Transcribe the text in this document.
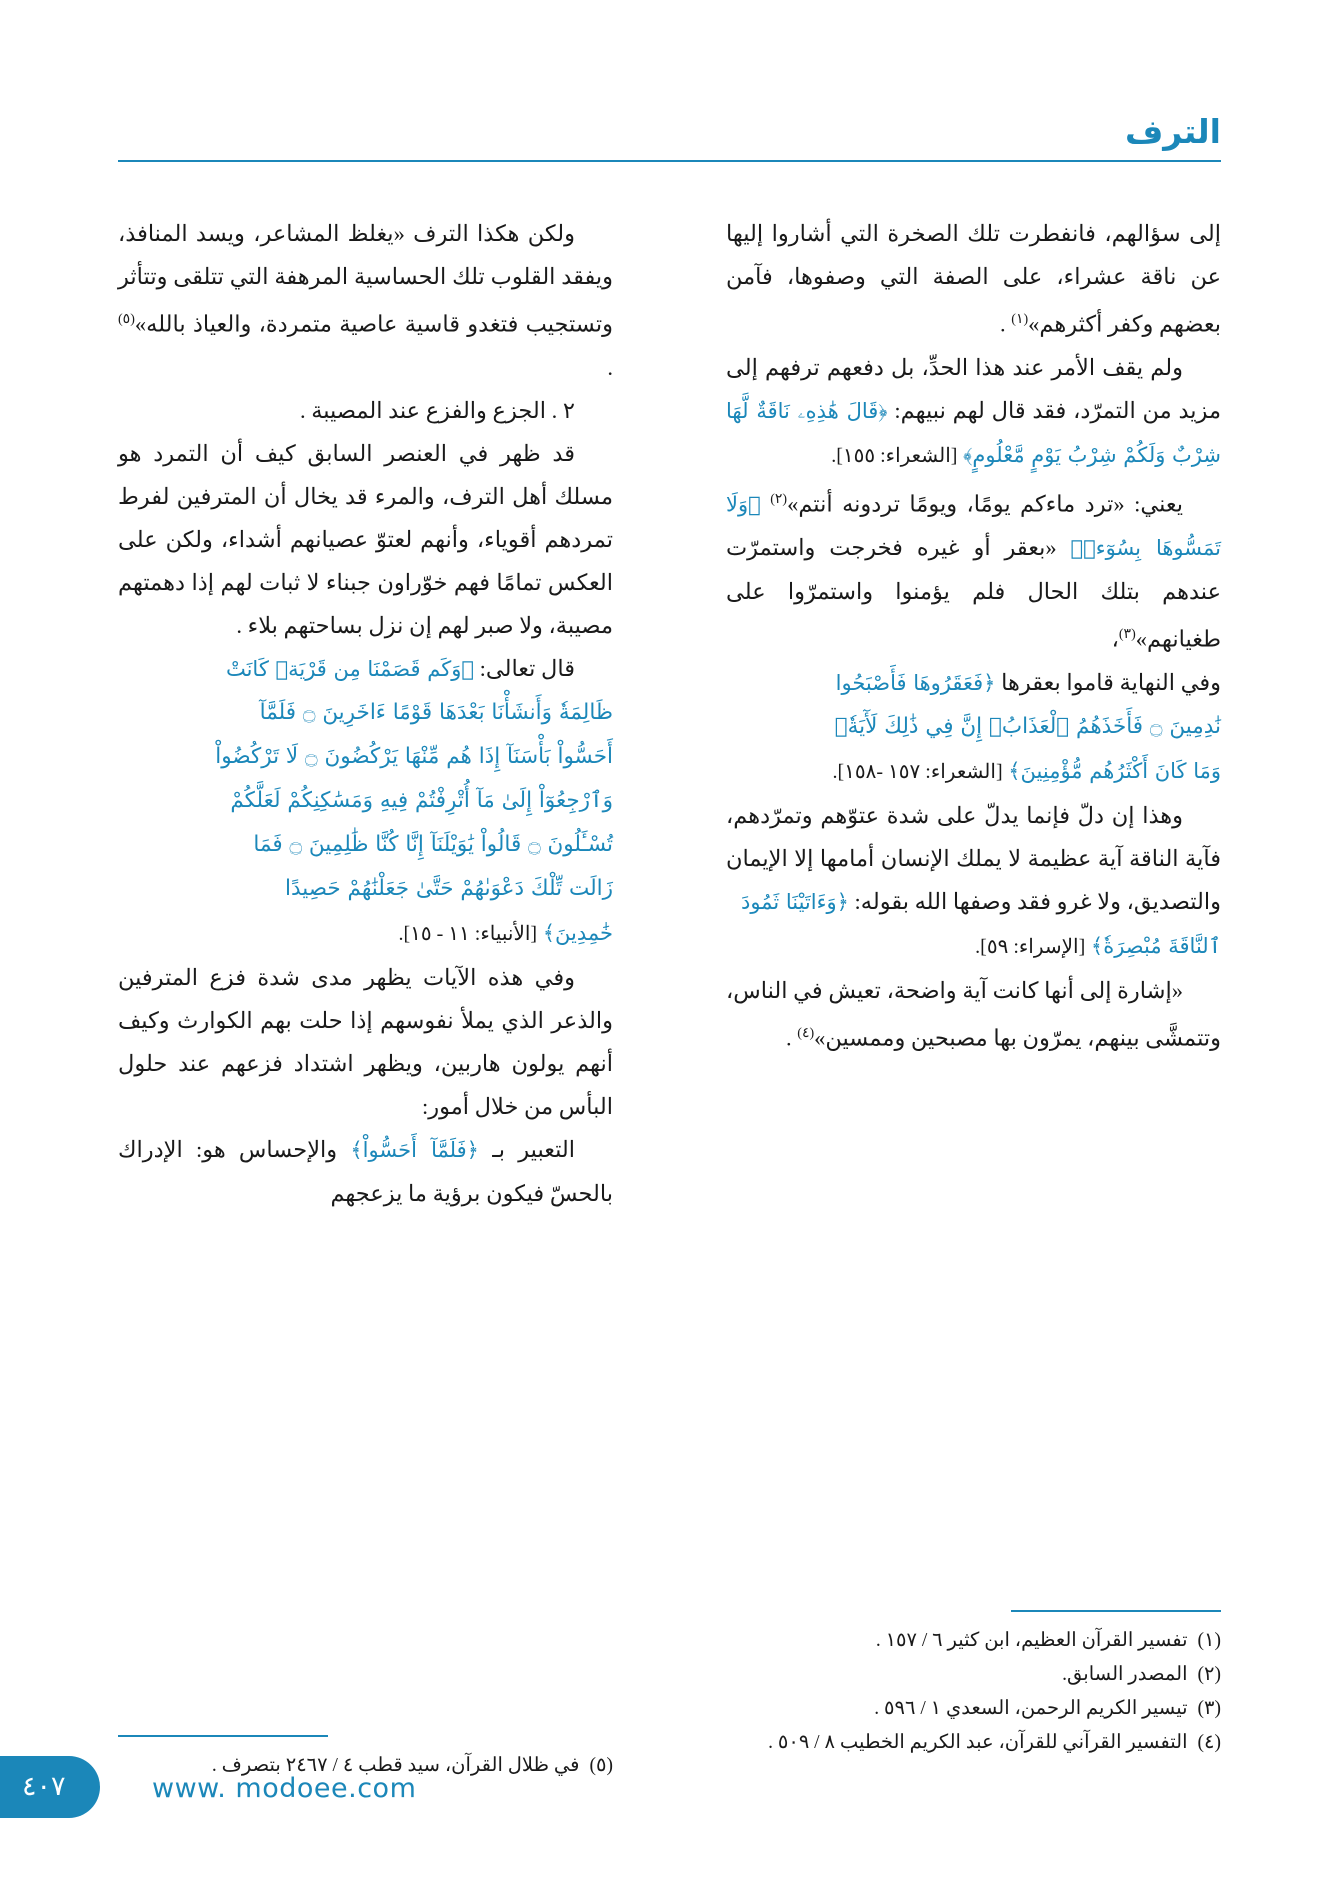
الترف

إلى سؤالهم، فانفطرت تلك الصخرة التي أشاروا إليها عن ناقة عشراء، على الصفة التي وصفوها، فآمن بعضهم وكفر أكثرهم»$^{(١)}$ .

ولم يقف الأمر عند هذا الحدِّ، بل دفعهم ترفهم إلى مزيد من التمرّد، فقد قال لهم نبيهم: ﴿قَالَ هَٰذِهِۦ نَاقَةٌ لَّهَا شِرْبٌ وَلَكُمْ شِرْبُ يَوْمٍ مَّعْلُومٍ﴾ [الشعراء: ١٥٥].

يعني: «ترد ماءكم يومًا، ويومًا تردونه أنتم»$^{(٢)}$ ﴿وَلَا تَمَسُّوهَا بِسُوٓءٖ﴾ «بعقر أو غيره فخرجت واستمرّت عندهم بتلك الحال فلم يؤمنوا واستمرّوا على طغيانهم»$^{(٣)}$،

وفي النهاية قاموا بعقرها ﴿فَعَقَرُوهَا فَأَصْبَحُوا

نَٰدِمِينَ ۝ فَأَخَذَهُمُ ٱلْعَذَابُۚ إِنَّ فِي ذَٰلِكَ لَأٓيَةٗۖ

وَمَا كَانَ أَكْثَرُهُم مُّؤْمِنِينَ﴾ [الشعراء: ١٥٧ -١٥٨].

وهذا إن دلّ فإنما يدلّ على شدة عتوّهم وتمرّدهم، فآية الناقة آية عظيمة لا يملك الإنسان أمامها إلا الإيمان والتصديق، ولا غرو فقد وصفها الله بقوله: ﴿وَءَاتَيْنَا ثَمُودَ

ٱلنَّاقَةَ مُبْصِرَةٗ﴾ [الإسراء: ٥٩].

«إشارة إلى أنها كانت آية واضحة، تعيش في الناس، وتتمشَّى بينهم، يمرّون بها مصبحين وممسين»$^{(٤)}$ .

ولكن هكذا الترف «يغلظ المشاعر، ويسد المنافذ، ويفقد القلوب تلك الحساسية المرهفة التي تتلقى وتتأثر وتستجيب فتغدو قاسية عاصية متمردة، والعياذ بالله»$^{(٥)}$ .

٢ . الجزع والفزع عند المصيبة .

قد ظهر في العنصر السابق كيف أن التمرد هو مسلك أهل الترف، والمرء قد يخال أن المترفين لفرط تمردهم أقوياء، وأنهم لعتوّ عصيانهم أشداء، ولكن على العكس تمامًا فهم خوّراون جبناء لا ثبات لهم إذا دهمتهم مصيبة، ولا صبر لهم إن نزل بساحتهم بلاء .

قال تعالى: ﴿وَكَم قَصَمْنَا مِن قَرْيَةٖ كَانَتْ

ظَالِمَةٗ وَأَنشَأْنَا بَعْدَهَا قَوْمًا ءَاخَرِينَ ۝ فَلَمَّآ
أَحَسُّواْ بَأْسَنَآ إِذَا هُم مِّنْهَا يَرْكُضُونَ ۝ لَا تَرْكُضُواْ
وَٱرْجِعُوٓاْ إِلَىٰ مَآ أُتْرِفْتُمْ فِيهِ وَمَسَٰكِنِكُمْ لَعَلَّكُمْ
تُسْـَٔلُونَ ۝ قَالُواْ يَٰوَيْلَنَآ إِنَّا كُنَّا ظَٰلِمِينَ ۝ فَمَا
زَالَت تِّلْكَ دَعْوَىٰهُمْ حَتَّىٰ جَعَلْنَٰهُمْ حَصِيدًا

خَٰمِدِينَ﴾ [الأنبياء: ١١ - ١٥].

وفي هذه الآيات يظهر مدى شدة فزع المترفين والذعر الذي يملأ نفوسهم إذا حلت بهم الكوارث وكيف أنهم يولون هاربين، ويظهر اشتداد فزعهم عند حلول البأس من خلال أمور:

التعبير بـ ﴿فَلَمَّآ أَحَسُّواْ﴾ والإحساس هو: الإدراك بالحسّ فيكون برؤية ما يزعجهم

(١)
تفسير القرآن العظيم، ابن كثير ٦ / ١٥٧ .
(٢)
المصدر السابق.
(٣)
تيسير الكريم الرحمن، السعدي ١ / ٥٩٦ .
(٤)
التفسير القرآني للقرآن، عبد الكريم الخطيب ٨ / ٥٠٩ .
(٥)
في ظلال القرآن، سيد قطب ٤ / ٢٤٦٧ بتصرف .
٤٠٧	www. modoee.com
